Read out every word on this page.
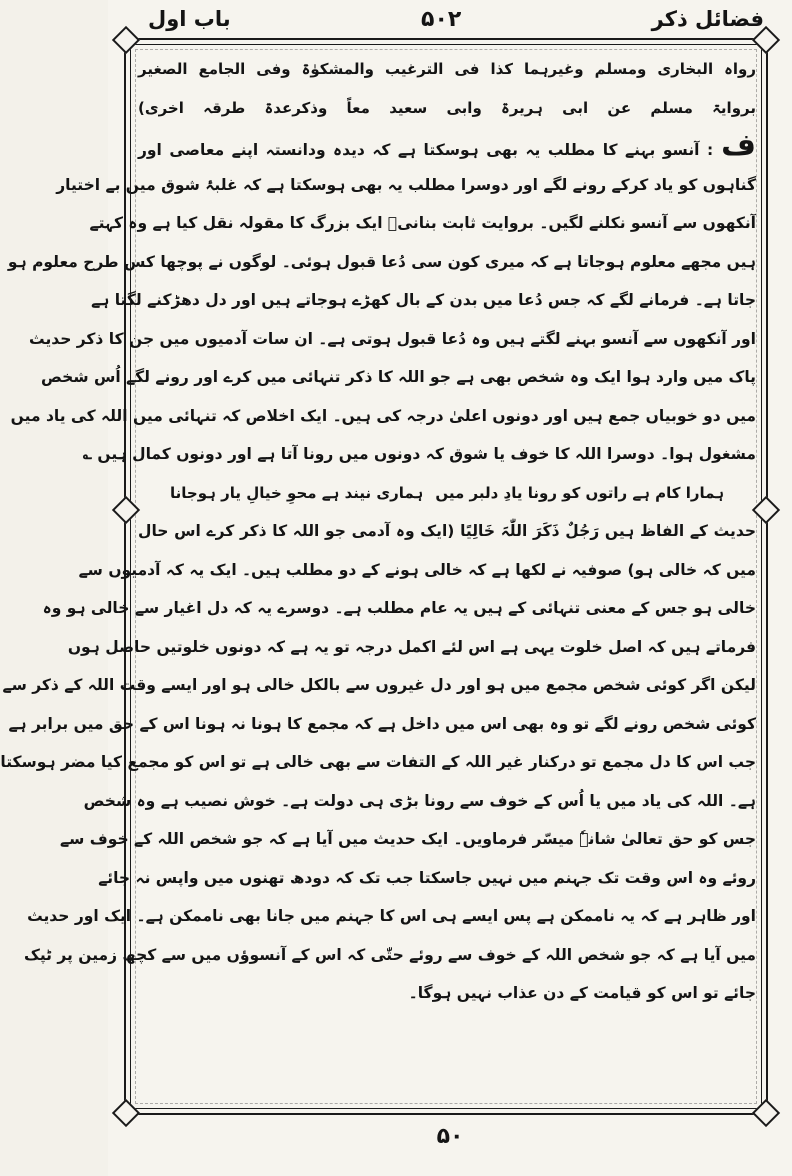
فضائل ذکر
۵۰۲
باب اول
رواہ البخاری ومسلم وغیرہما کذا فی الترغیب والمشکوٰۃ وفی الجامع الصغیر
بروایۃ مسلم عن ابی ہریرۃ وابی سعید معاً وذکرعدۃ طرقہ اخری)
ف: آنسو بہنے کا مطلب یہ بھی ہوسکتا ہے کہ دیدہ ودانستہ اپنے معاصی اور
گناہوں کو یاد کرکے رونے لگے اور دوسرا مطلب یہ بھی ہوسکتا ہے کہ غلبۂ شوق میں بے اختیار
آنکھوں سے آنسو نکلنے لگیں۔ بروایت ثابت بنانیؒ ایک بزرگ کا مقولہ نقل کیا ہے وہ کہتے
ہیں مجھے معلوم ہوجاتا ہے کہ میری کون سی دُعا قبول ہوئی۔ لوگوں نے پوچھا کس طرح معلوم ہو
جاتا ہے۔ فرمانے لگے کہ جس دُعا میں بدن کے بال کھڑے ہوجاتے ہیں اور دل دھڑکنے لگتا ہے
اور آنکھوں سے آنسو بہنے لگتے ہیں وہ دُعا قبول ہوتی ہے۔ ان سات آدمیوں میں جن کا ذکر حدیث
پاک میں وارد ہوا ایک وہ شخص بھی ہے جو اللہ کا ذکر تنہائی میں کرے اور رونے لگے اُس شخص
میں دو خوبیاں جمع ہیں اور دونوں اعلیٰ درجہ کی ہیں۔ ایک اخلاص کہ تنہائی میں اللہ کی یاد میں
مشغول ہوا۔ دوسرا اللہ کا خوف یا شوق کہ دونوں میں رونا آتا ہے اور دونوں کمال ہیں ؎
ہمارا کام ہے راتوں کو رونا یادِ دلبر میں
ہماری نیند ہے محوِ خیالِ یار ہوجانا
حدیث کے الفاظ ہیں رَجُلٌ ذَکَرَ اللّٰہَ خَالِیًا (ایک وہ آدمی جو اللہ کا ذکر کرے اس حال
میں کہ خالی ہو) صوفیہ نے لکھا ہے کہ خالی ہونے کے دو مطلب ہیں۔ ایک یہ کہ آدمیوں سے
خالی ہو جس کے معنی تنہائی کے ہیں یہ عام مطلب ہے۔ دوسرے یہ کہ دل اغیار سے خالی ہو وہ
فرماتے ہیں کہ اصل خلوت یہی ہے اس لئے اکمل درجہ تو یہ ہے کہ دونوں خلوتیں حاصل ہوں
لیکن اگر کوئی شخص مجمع میں ہو اور دل غیروں سے بالکل خالی ہو اور ایسے وقت اللہ کے ذکر سے
کوئی شخص رونے لگے تو وہ بھی اس میں داخل ہے کہ مجمع کا ہونا نہ ہونا اس کے حق میں برابر ہے
جب اس کا دل مجمع تو درکنار غیر اللہ کے التفات سے بھی خالی ہے تو اس کو مجمع کیا مضر ہوسکتا
ہے۔ اللہ کی یاد میں یا اُس کے خوف سے رونا بڑی ہی دولت ہے۔ خوش نصیب ہے وہ شخص
جس کو حق تعالیٰ شانہٗ میسّر فرماویں۔ ایک حدیث میں آیا ہے کہ جو شخص اللہ کے خوف سے
روئے وہ اس وقت تک جہنم میں نہیں جاسکتا جب تک کہ دودھ تھنوں میں واپس نہ جائے
اور ظاہر ہے کہ یہ ناممکن ہے پس ایسے ہی اس کا جہنم میں جانا بھی ناممکن ہے۔ ایک اور حدیث
میں آیا ہے کہ جو شخص اللہ کے خوف سے روئے حتّٰی کہ اس کے آنسوؤں میں سے کچھ زمین پر ٹپک
جائے تو اس کو قیامت کے دن عذاب نہیں ہوگا۔
۵۰
